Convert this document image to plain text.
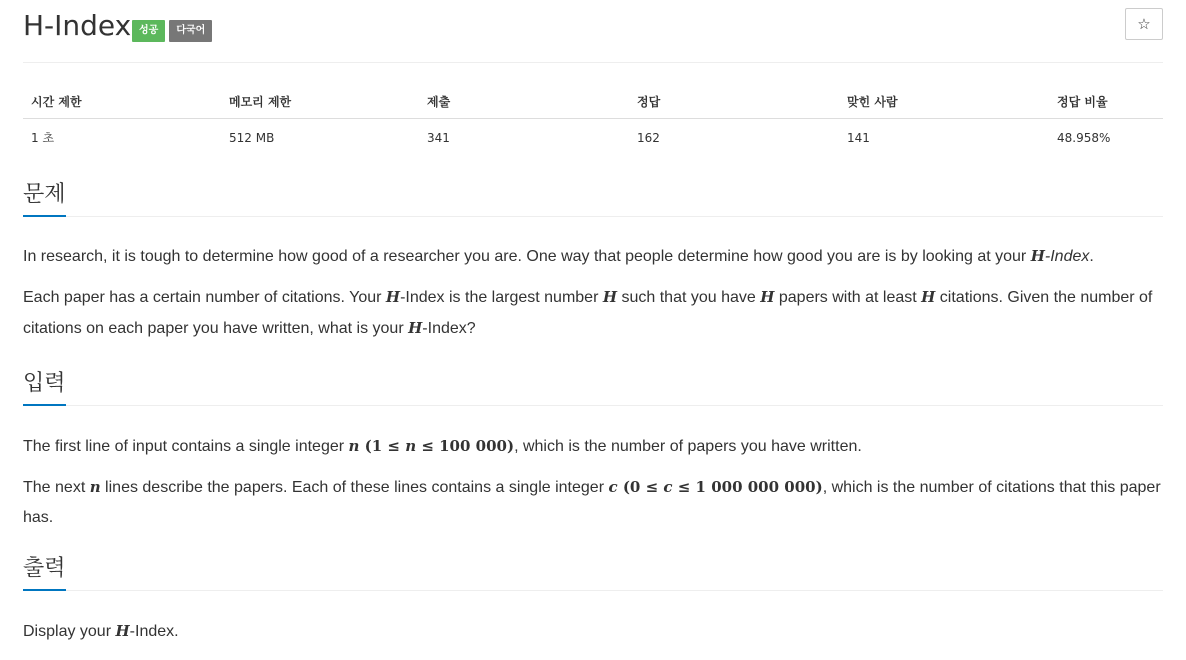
H-Index 성공	다국어	☆
시간 제한	메모리 제한	제출	정답	맞힌 사람	정답 비율
1 초	512 MB	341	162	141	48.958%
문제

In research, it is tough to determine how good of a researcher you are. One way that people determine how good you are is by looking at your H-Index.

Each paper has a certain number of citations. Your H-Index is the largest number H such that you have H papers with at least H citations. Given the number of citations on each paper you have written, what is your H-Index?

입력

The first line of input contains a single integer n (1 ≤ n ≤ 100 000), which is the number of papers you have written.

The next n lines describe the papers. Each of these lines contains a single integer c (0 ≤ c ≤ 1 000 000 000), which is the number of citations that this paper has.

출력

Display your H-Index.
